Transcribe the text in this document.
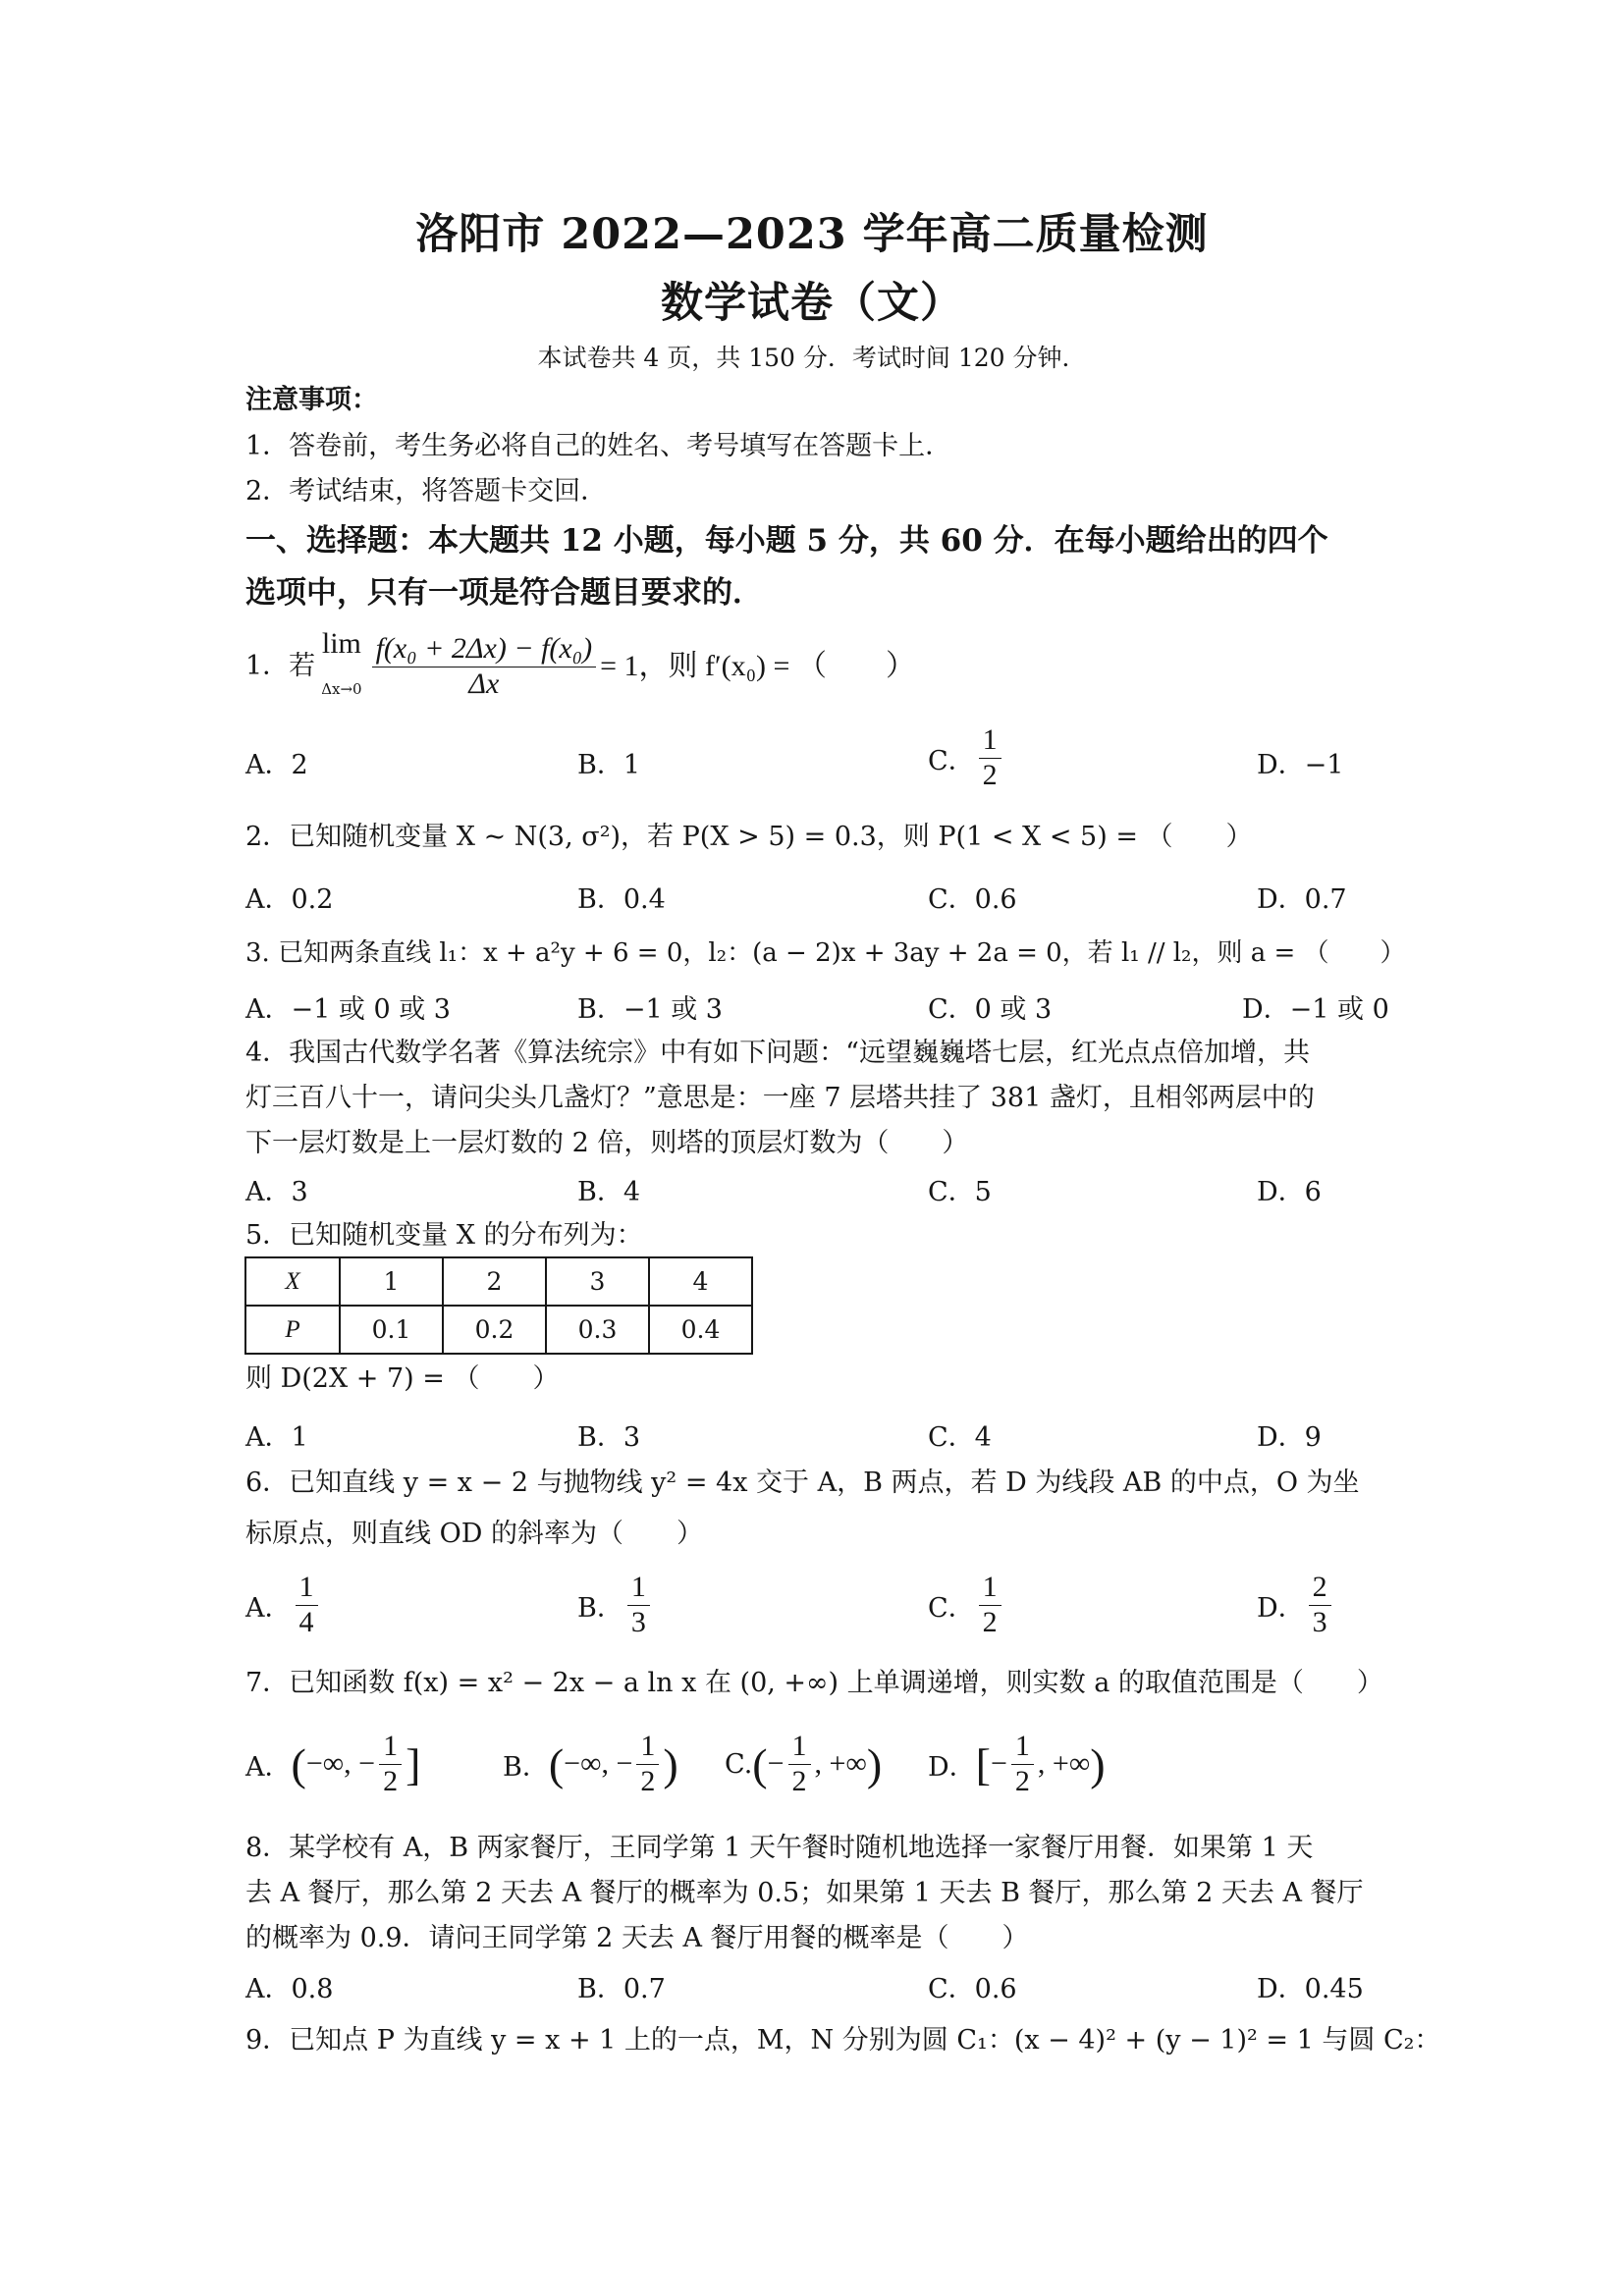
洛阳市 2022—2023 学年高二质量检测
数学试卷（文）
本试卷共 4 页，共 150 分．考试时间 120 分钟．
注意事项：
1．答卷前，考生务必将自己的姓名、考号填写在答题卡上．
2．考试结束，将答题卡交回．
一、选择题：本大题共 12 小题，每小题 5 分，共 60 分．在每小题给出的四个
选项中，只有一项是符合题目要求的．
1．若
lim
$\Delta x\to 0 \frac{\text{f(x₀ + 2Δx) − f(x₀)}}{\Delta x} = 1$，则 f′(x₀) = （　　）
A．2	B．1	C． $\frac{1}{2}$	D．−1
2．已知随机变量 X ~ N(3, σ²)，若 P(X > 5) = 0.3，则 P(1 < X < 5) = （　　）
A．0.2	B．0.4	C．0.6	D．0.7
3. 已知两条直线 l₁：x + a²y + 6 = 0，l₂：(a − 2)x + 3ay + 2a = 0，若 l₁ // l₂，则 a = （　　）
A．−1 或 0 或 3	B．−1 或 3	C．0 或 3	D．−1 或 0
4．我国古代数学名著《算法统宗》中有如下问题：“远望巍巍塔七层，红光点点倍加增，共
灯三百八十一，请问尖头几盏灯？”意思是：一座 7 层塔共挂了 381 盏灯，且相邻两层中的
下一层灯数是上一层灯数的 2 倍，则塔的顶层灯数为（　　）
A．3	B．4	C．5	D．6
5．已知随机变量 X 的分布列为：
X	1	2	3	4
P	0.1	0.2	0.3	0.4
则 D(2X + 7) = （　　）
A．1	B．3	C．4	D．9
6．已知直线 y = x − 2 与抛物线 y² = 4x 交于 A，B 两点，若 D 为线段 AB 的中点，O 为坐
标原点，则直线 OD 的斜率为（　　）
A． $\frac{1}{4}$	B． $\frac{1}{3}$	C． $\frac{1}{2}$	D． $\frac{2}{3}$
7．已知函数 f(x) = x² − 2x − a ln x 在 (0, +∞) 上单调递增，则实数 a 的取值范围是（　　）
A． ( −∞, − $\frac{1}{2}$ ]	B． ( −∞, − $\frac{1}{2}$ ) C. ( − $\frac{1}{2}$ , +∞ ) D． [ − $\frac{1}{2}$ , +∞ )
8．某学校有 A，B 两家餐厅，王同学第 1 天午餐时随机地选择一家餐厅用餐．如果第 1 天
去 A 餐厅，那么第 2 天去 A 餐厅的概率为 0.5；如果第 1 天去 B 餐厅，那么第 2 天去 A 餐厅
的概率为 0.9．请问王同学第 2 天去 A 餐厅用餐的概率是（　　）
A．0.8	B．0.7	C．0.6	D．0.45
9．已知点 P 为直线 y = x + 1 上的一点，M，N 分别为圆 C₁：(x − 4)² + (y − 1)² = 1 与圆 C₂：
